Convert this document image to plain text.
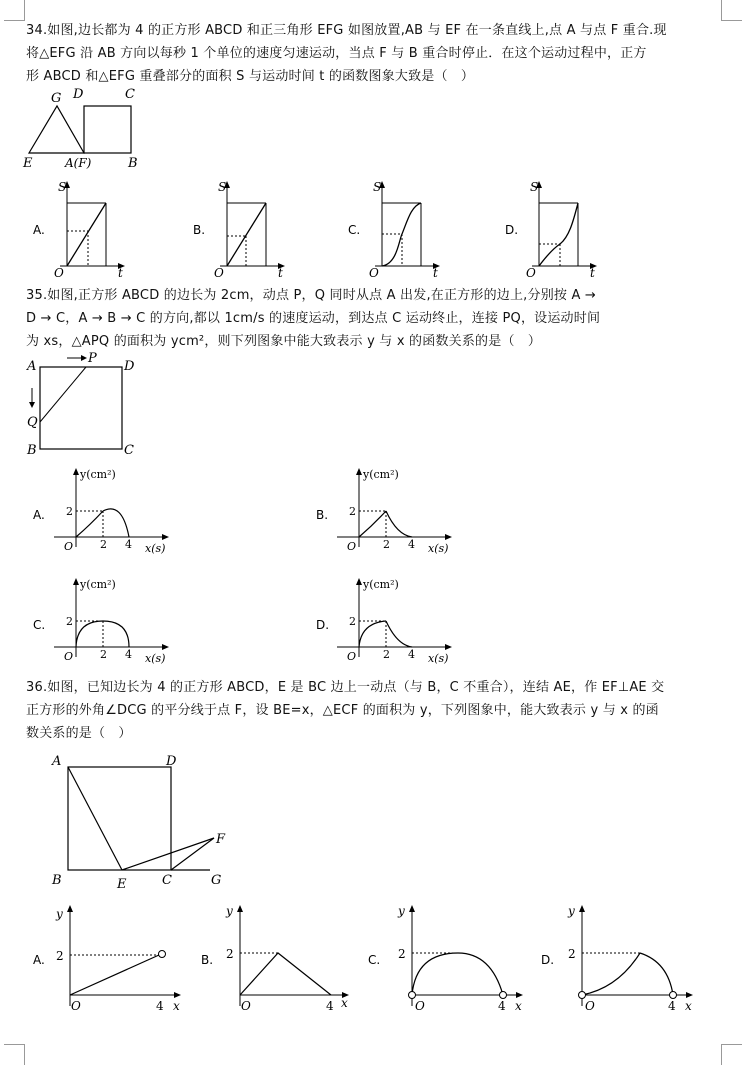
34.如图,边长都为 4 的正方形 ABCD 和正三角形 EFG 如图放置,AB 与 EF 在一条直线上,点 A 与点 F 重合.现
将△EFG 沿 AB 方向以每秒 1 个单位的速度匀速运动，当点 F 与 B 重合时停止．在这个运动过程中，正方
形 ABCD 和△EFG 重叠部分的面积 S 与运动时间 t 的函数图象大致是（　）
G D	C
E	A(F)	B
A.
S
O	t
B.
S
O	t
C.
S
O	t
D.
S
O	t
35.如图,正方形 ABCD 的边长为 2cm，动点 P，Q 同时从点 A 出发,在正方形的边上,分别按 A →
D → C，A → B → C 的方向,都以 1cm/s 的速度运动，到达点 C 运动终止，连接 PQ，设运动时间
为 xs，△APQ 的面积为 ycm²，则下列图象中能大致表示 y 与 x 的函数关系的是（　）
A
P
D
Q
B	C
A.
y(cm²)
2
O 2 4 x(s)
B.
y(cm²)
2
O 2 4 x(s)
C.
y(cm²)
2
O 2 4 x(s)
D.
y(cm²)
2
O 2 4 x(s)
36.如图，已知边长为 4 的正方形 ABCD，E 是 BC 边上一动点（与 B，C 不重合），连结 AE，作 EF⊥AE 交
正方形的外角∠DCG 的平分线于点 F，设 BE=x，△ECF 的面积为 y，下列图象中，能大致表示 y 与 x 的函
数关系的是（　）
A	D
F
B	E	C	G
A.
y
2
O	4 x
B.
y
2
O	4 x
C.
y
2
O	4 x
D.
y
2
O	4 x
